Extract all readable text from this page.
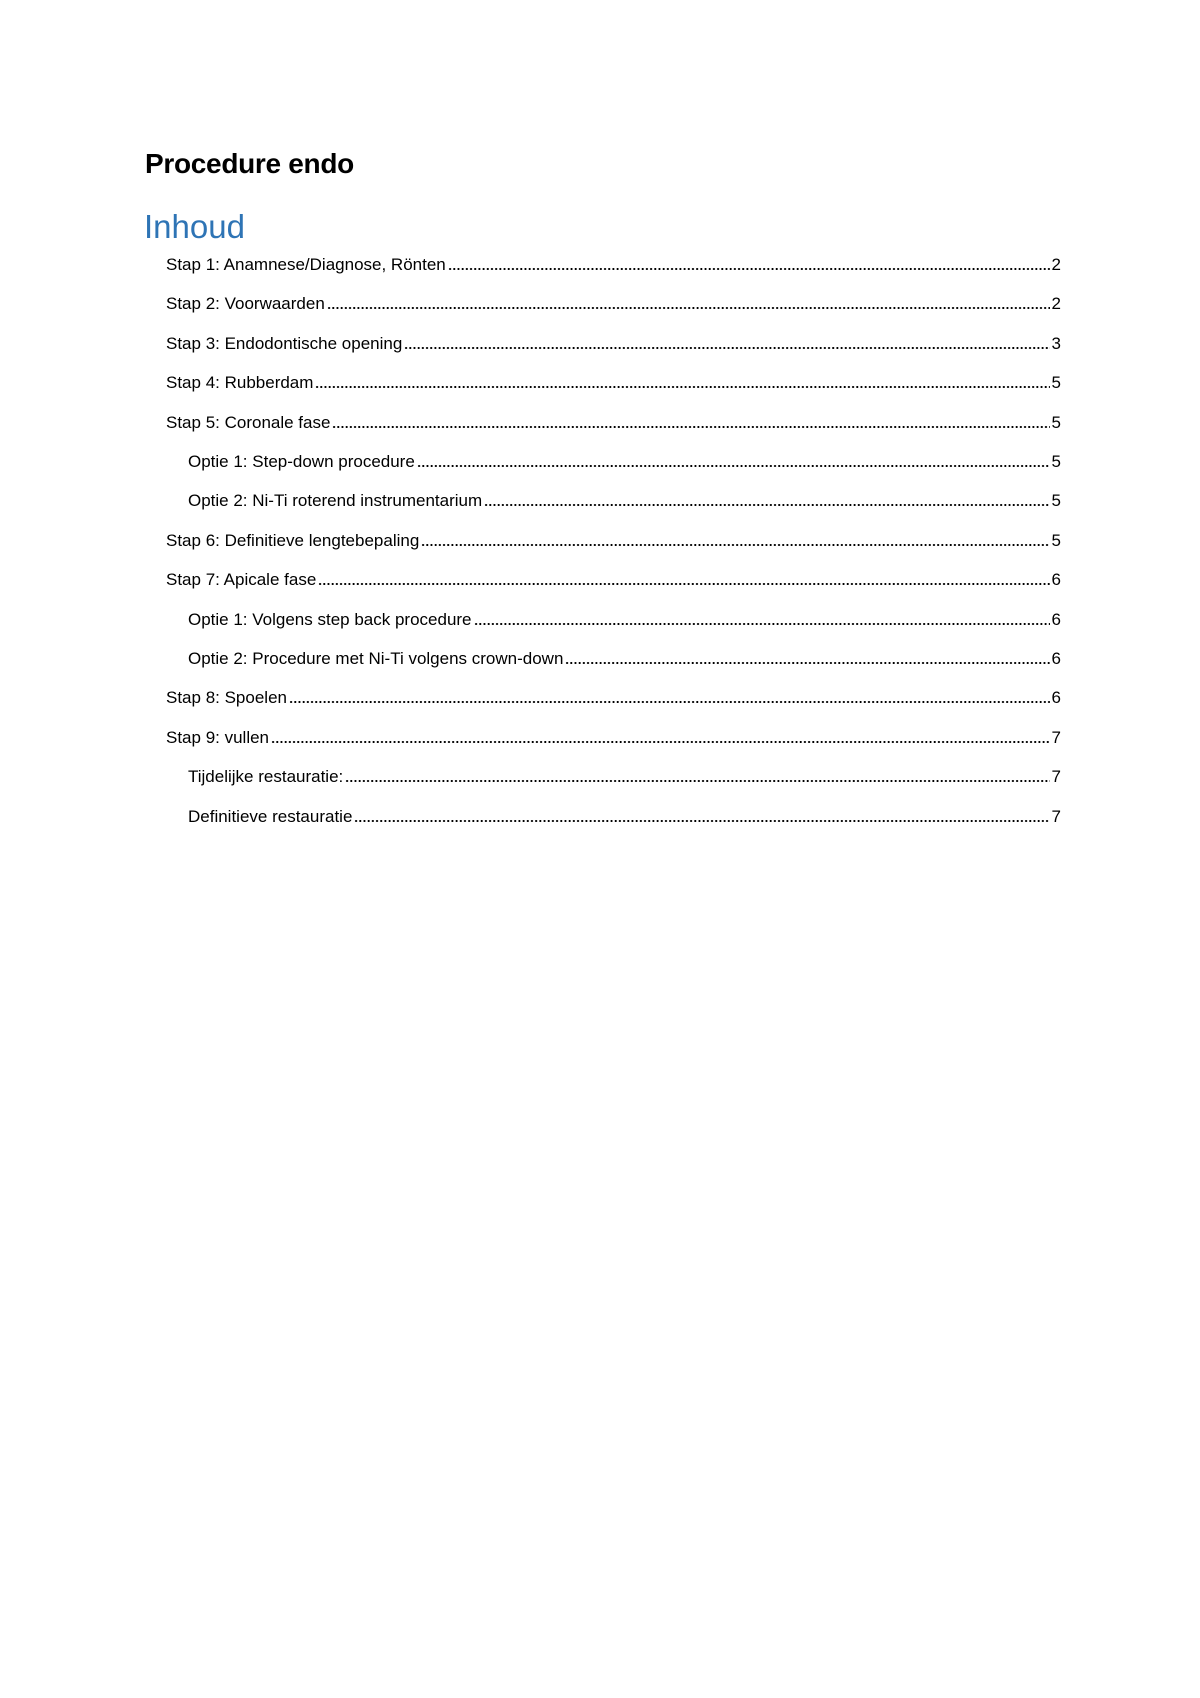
Procedure endo
Inhoud
Stap 1: Anamnese/Diagnose, Rönten	2
Stap 2: Voorwaarden	2
Stap 3: Endodontische opening	3
Stap 4: Rubberdam	5
Stap 5: Coronale fase	5
Optie 1: Step-down procedure	5
Optie 2: Ni-Ti roterend instrumentarium	5
Stap 6: Definitieve lengtebepaling	5
Stap 7: Apicale fase	6
Optie 1: Volgens step back procedure	6
Optie 2: Procedure met Ni-Ti volgens crown-down	6
Stap 8: Spoelen	6
Stap 9: vullen	7
Tijdelijke restauratie:	7
Definitieve restauratie	7
